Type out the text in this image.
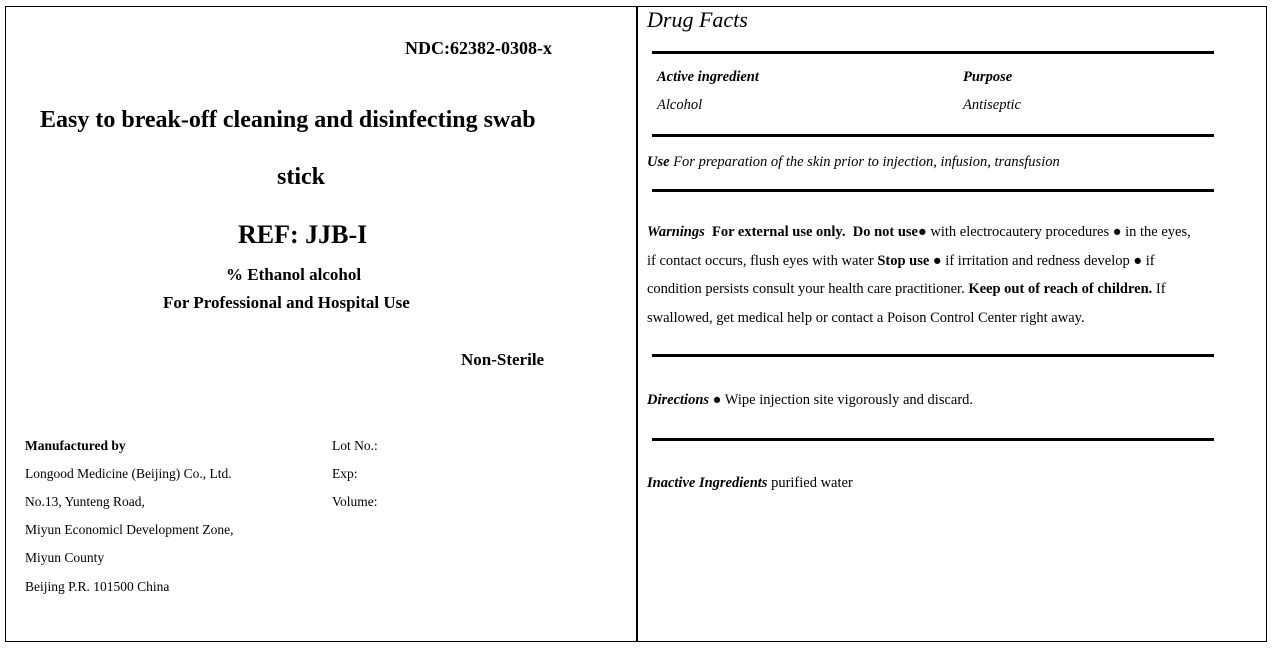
NDC:62382-0308-x
Easy to break-off cleaning and disinfecting swab
stick
REF: JJB-I
% Ethanol alcohol
For Professional and Hospital Use
Non-Sterile
Manufactured by
Longood Medicine (Beijing) Co., Ltd.
No.13, Yunteng Road,
Miyun Economicl Development Zone,
Miyun County
Beijing P.R. 101500 China
Lot No.:
Exp:
Volume:
Drug Facts
Active ingredient	Purpose
Alcohol	Antiseptic
Use For preparation of the skin prior to injection, infusion, transfusion
Warnings For external use only. Do not use● with electrocautery procedures ● in the eyes,
if contact occurs, flush eyes with water Stop use ● if irritation and redness develop ● if
condition persists consult your health care practitioner. Keep out of reach of children. If
swallowed, get medical help or contact a Poison Control Center right away.
Directions ● Wipe injection site vigorously and discard.
Inactive Ingredients purified water
